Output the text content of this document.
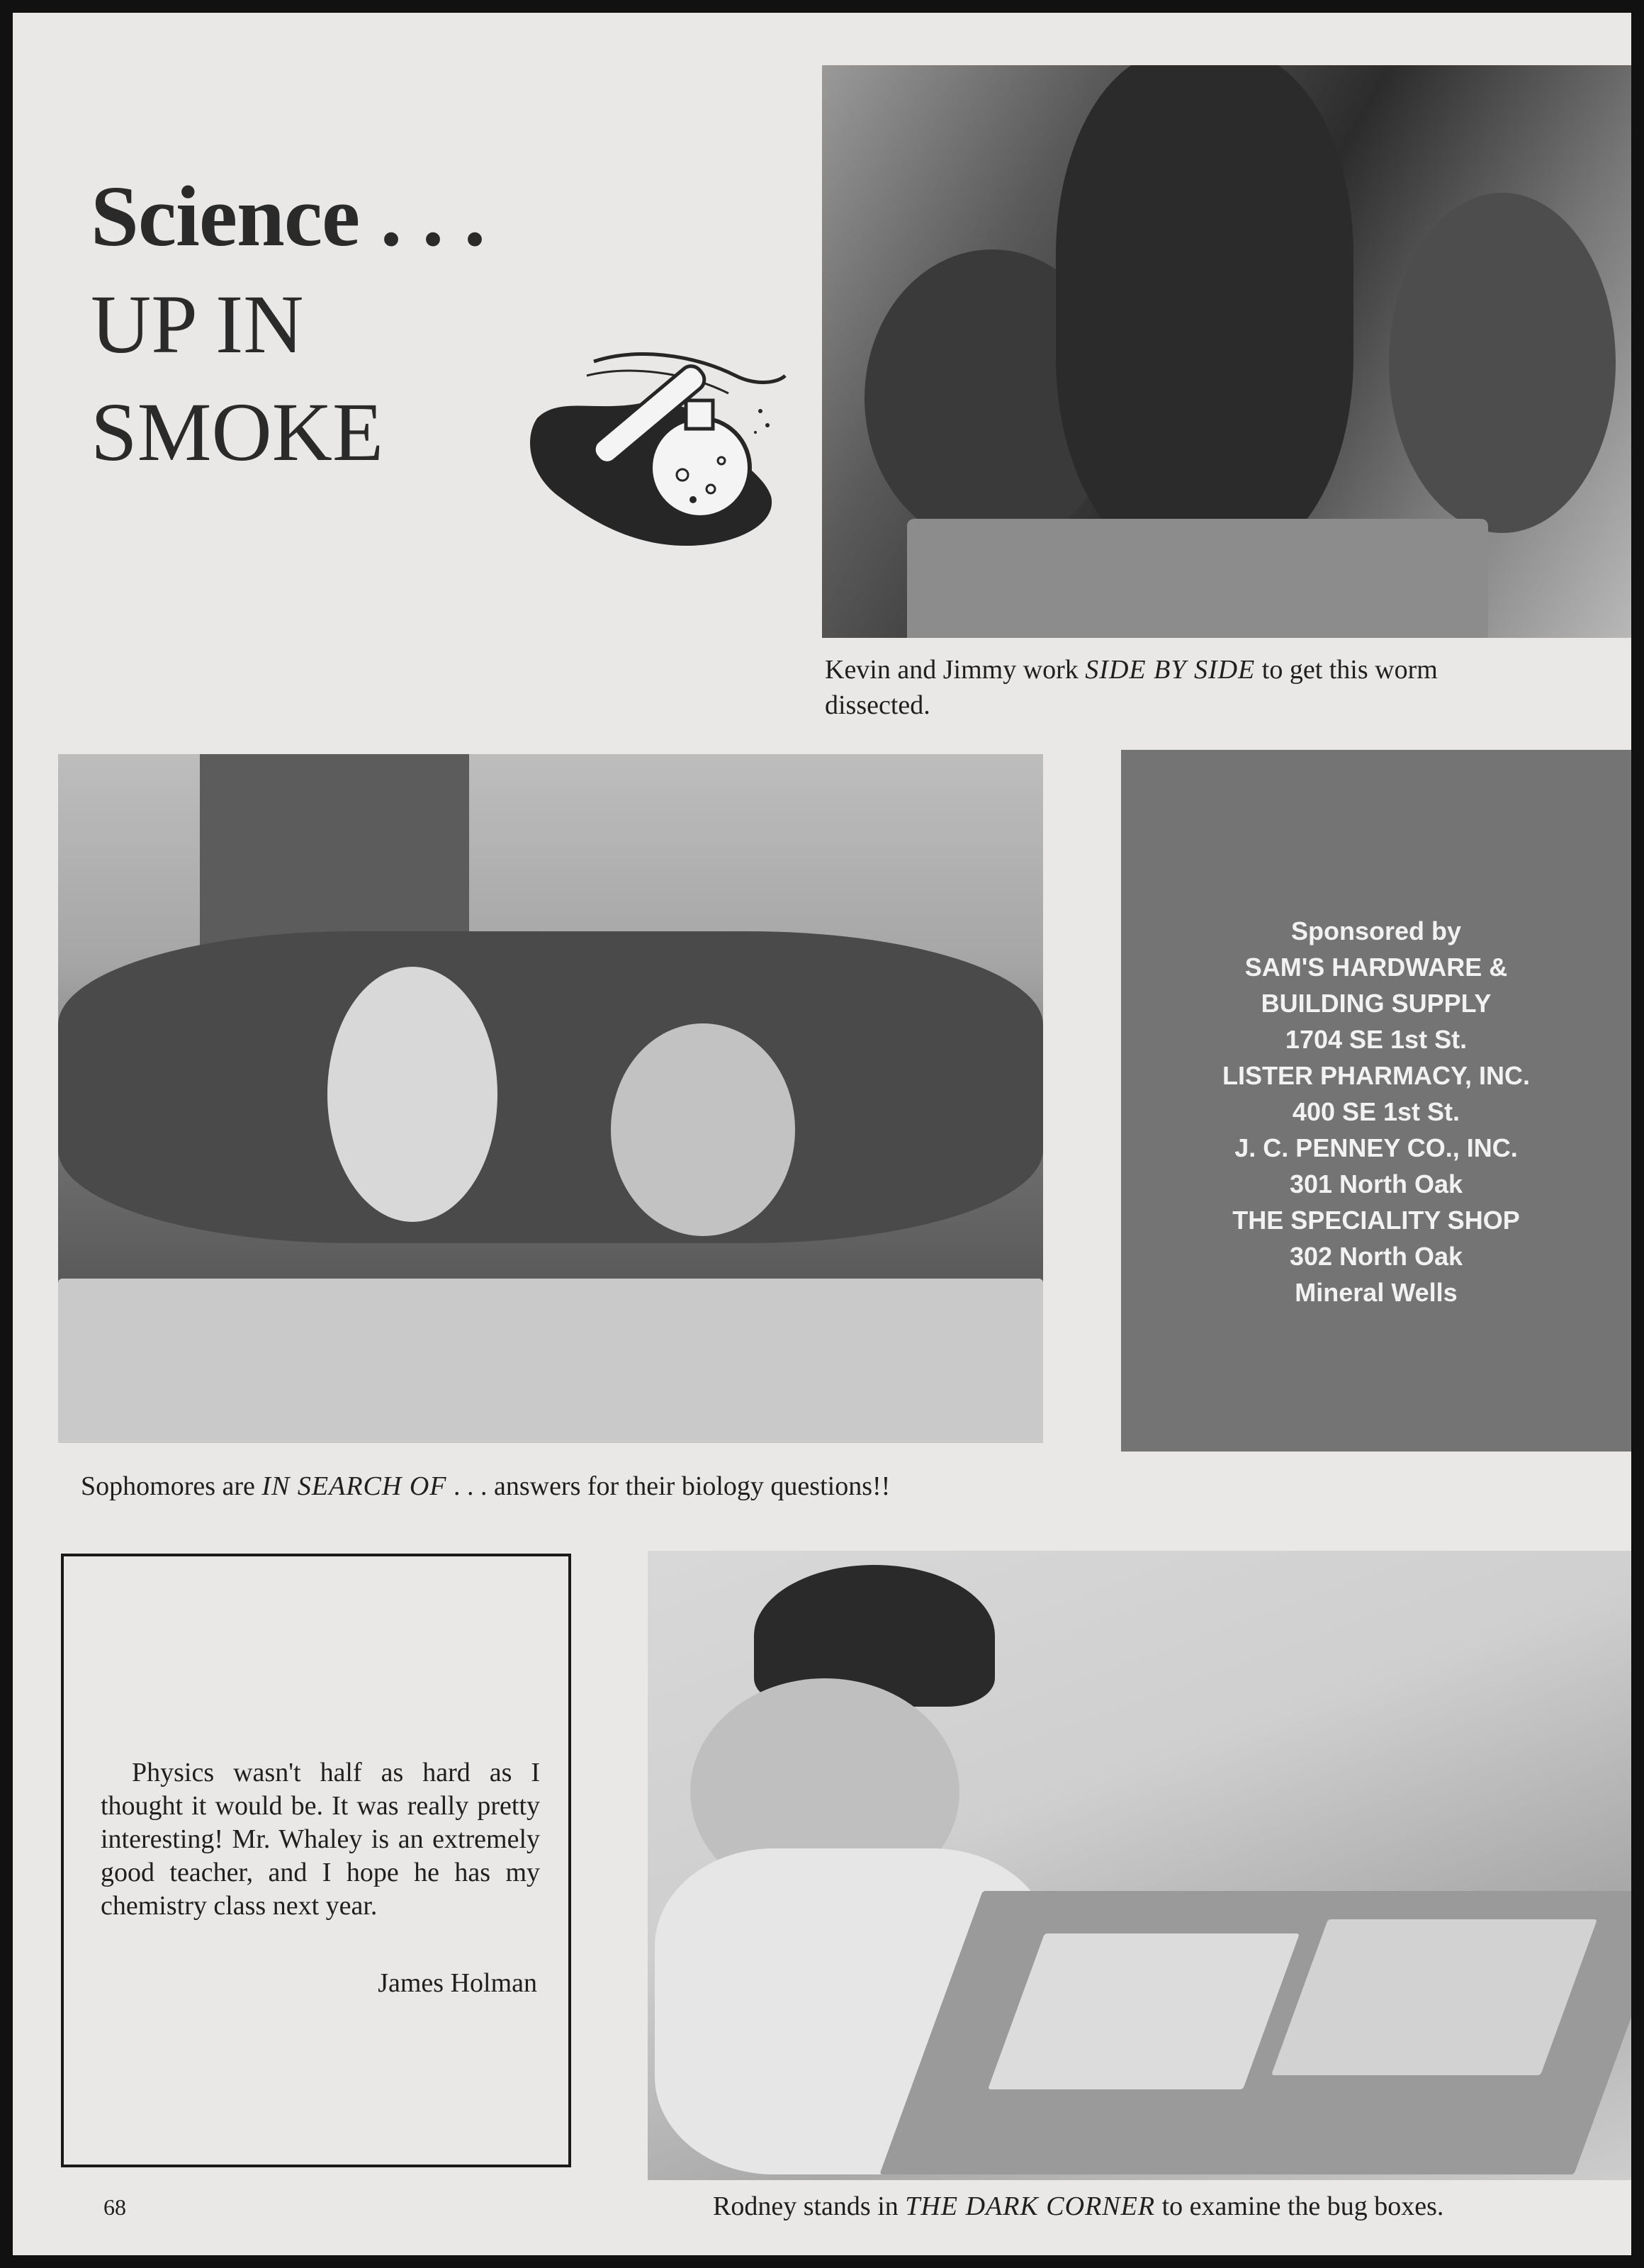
Science . . .
UP IN
SMOKE
Kevin and Jimmy work SIDE BY SIDE to get this worm
dissected.
Sophomores are IN SEARCH OF . . . answers for their biology questions!!
Sponsored by
SAM'S HARDWARE &
BUILDING SUPPLY
1704 SE 1st St.
LISTER PHARMACY, INC.
400 SE 1st St.
J. C. PENNEY CO., INC.
301 North Oak
THE SPECIALITY SHOP
302 North Oak
Mineral Wells
Physics wasn't half as hard as I thought it would be. It was really pretty interesting! Mr. Whaley is an extremely good teacher, and I hope he has my chemistry class next year.
James Holman
Rodney stands in THE DARK CORNER to examine the bug boxes.
68
